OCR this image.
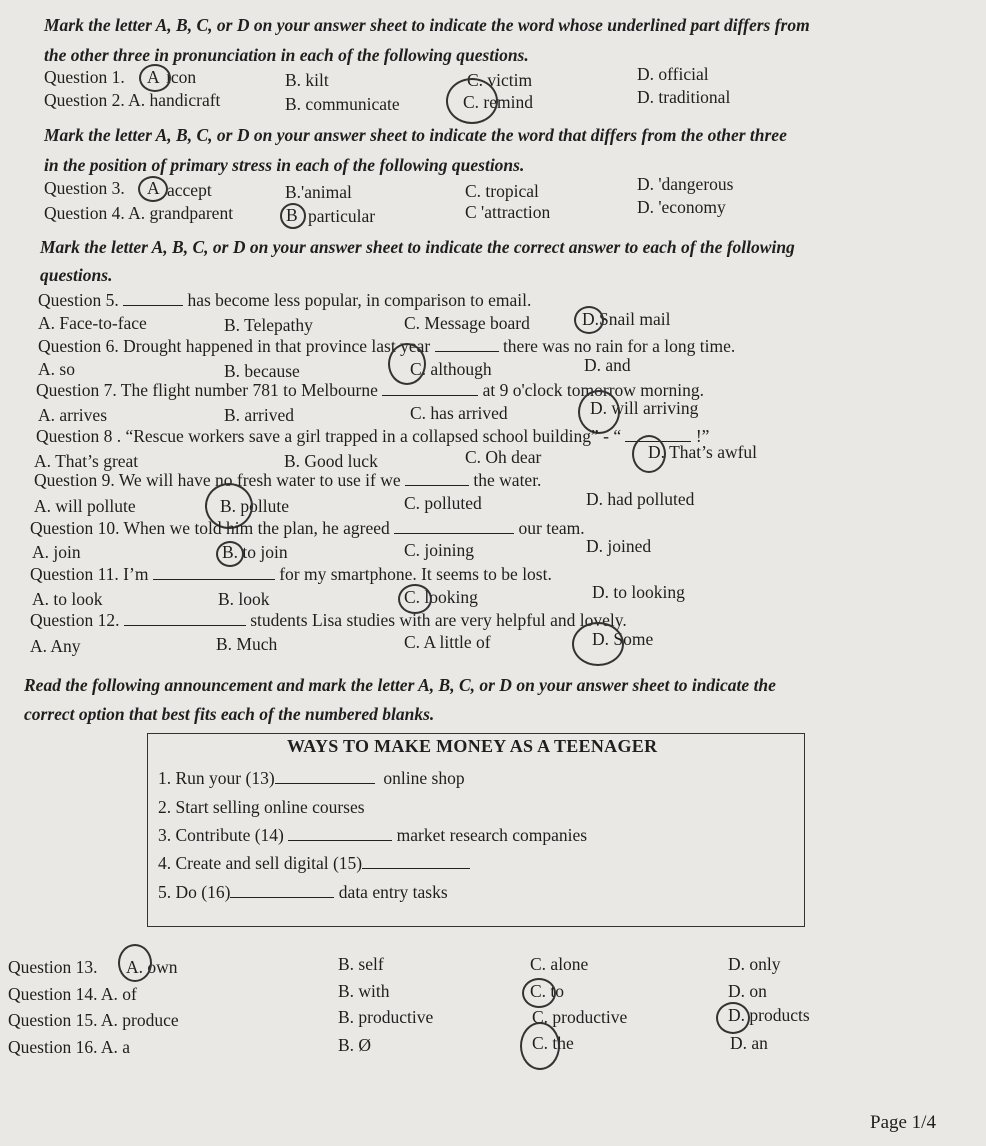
Mark the letter A, B, C, or D on your answer sheet to indicate the word whose underlined part differs from
the other three in pronunciation in each of the following questions.
Question 1. A icon	B. kilt	C. victim	D. official
Question 2. A. handicraft	B. communicate	C. remind	D. traditional
Mark the letter A, B, C, or D on your answer sheet to indicate the word that differs from the other three
in the position of primary stress in each of the following questions.
Question 3. A accept	B.'animal	C. tropical	D. 'dangerous
Question 4. A. grandparent	B particular	C 'attraction	D. 'economy
Mark the letter A, B, C, or D on your answer sheet to indicate the correct answer to each of the following
questions.
Question 5.	has become less popular, in comparison to email.
A. Face-to-face	B. Telepathy	C. Message board	D.Snail mail
Question 6. Drought happened in that province last year	there was no rain for a long time.
A. so	B. because	C. although	D. and
Question 7. The flight number 781 to Melbourne	at 9 o'clock tomorrow morning.
A. arrives	B. arrived	C. has arrived	D. will arriving
Question 8 . “Rescue workers save a girl trapped in a collapsed school building” - “	!”
A. That’s great	B. Good luck	C. Oh dear	D. That’s awful
Question 9. We will have no fresh water to use if we	the water.
A. will pollute	B. pollute	C. polluted	D. had polluted
Question 10. When we told him the plan, he agreed	our team.
A. join	B. to join	C. joining	D. joined
Question 11. I’m	for my smartphone. It seems to be lost.
A. to look	B. look	C. looking	D. to looking
Question 12.	students Lisa studies with are very helpful and lovely.
A. Any	B. Much	C. A little of	D. Some
Read the following announcement and mark the letter A, B, C, or D on your answer sheet to indicate the
correct option that best fits each of the numbered blanks.
WAYS TO MAKE MONEY AS A TEENAGER
1. Run your (13)	online shop
2. Start selling online courses
3. Contribute (14)	market research companies
4. Create and sell digital (15)
5. Do (16)	data entry tasks
Question 13. A. own	B. self	C. alone	D. only
Question 14. A. of	B. with	C. to	D. on
Question 15. A. produce	B. productive	C. productive	D. products
Question 16. A. a	B. Ø	C. the	D. an
Page 1/4
